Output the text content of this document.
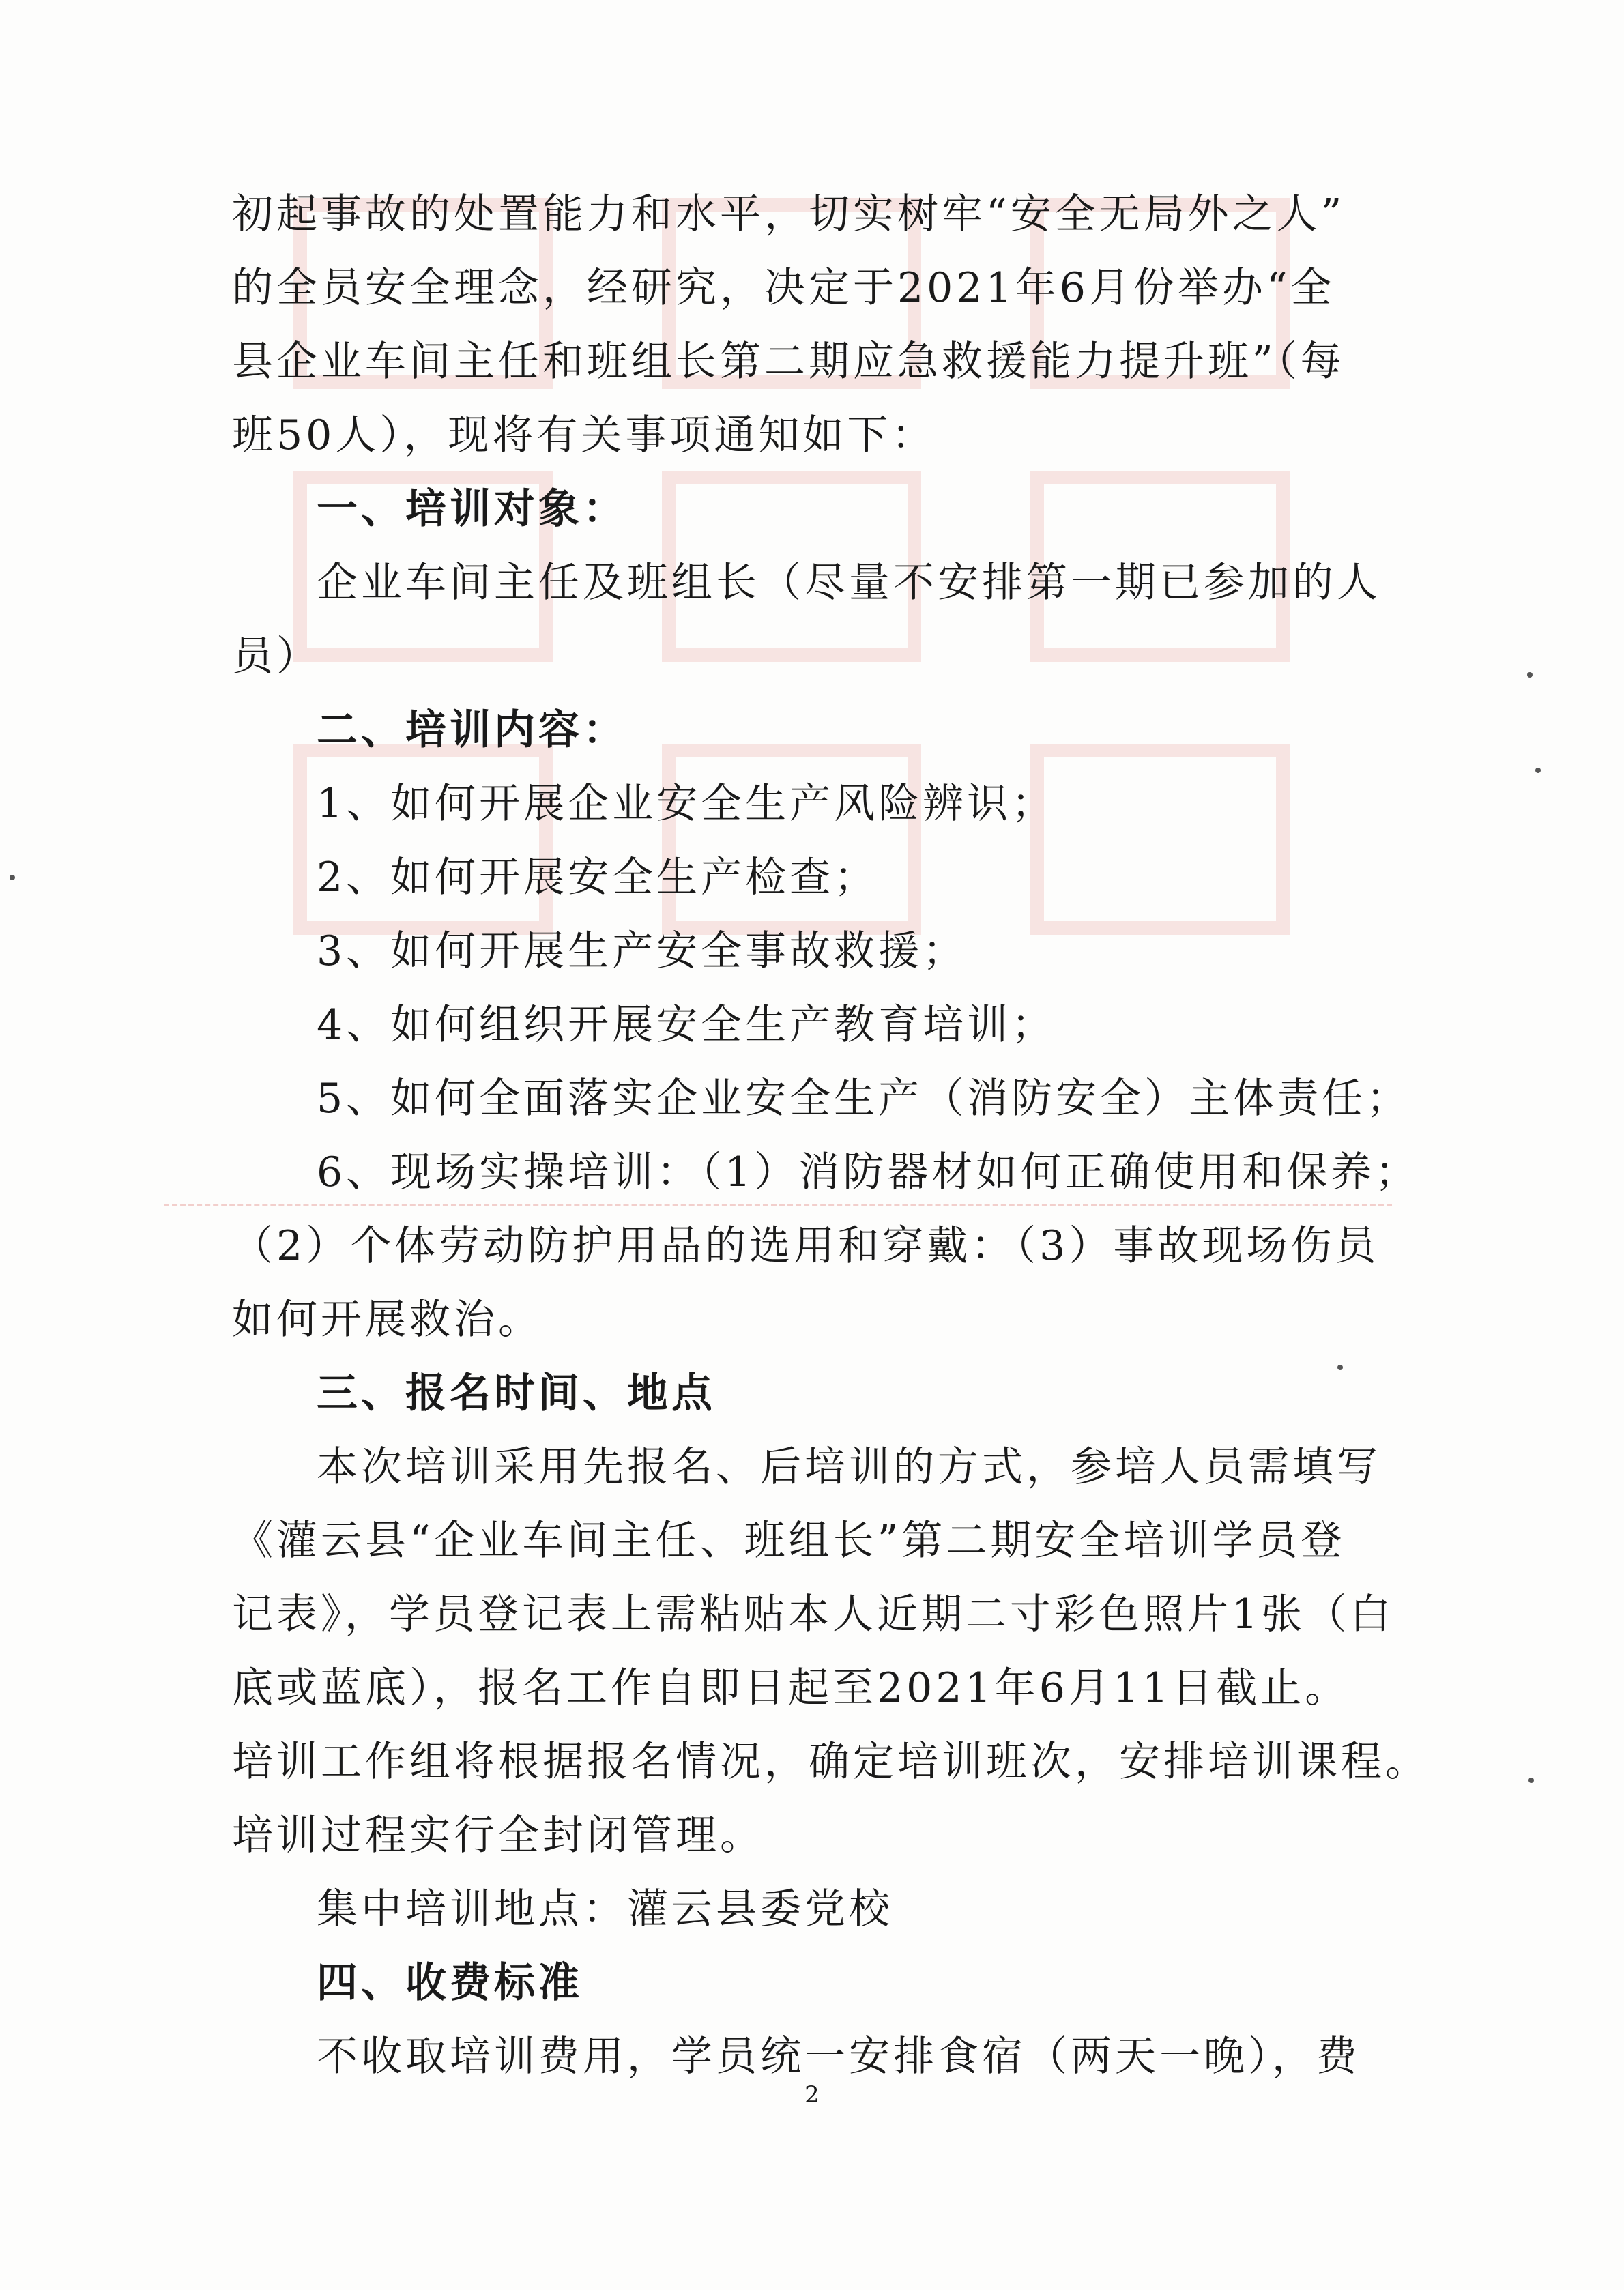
初起事故的处置能力和水平，切实树牢“安全无局外之人”
的全员安全理念，经研究，决定于2021年6月份举办“全
县企业车间主任和班组长第二期应急救援能力提升班”（每
班50人），现将有关事项通知如下：
一、培训对象：
企业车间主任及班组长（尽量不安排第一期已参加的人
员）
二、培训内容：
1、如何开展企业安全生产风险辨识；
2、如何开展安全生产检查；
3、如何开展生产安全事故救援；
4、如何组织开展安全生产教育培训；
5、如何全面落实企业安全生产（消防安全）主体责任；
6、现场实操培训：（1）消防器材如何正确使用和保养；
（2）个体劳动防护用品的选用和穿戴：（3）事故现场伤员
如何开展救治。
三、报名时间、地点
本次培训采用先报名、后培训的方式，参培人员需填写
《灌云县“企业车间主任、班组长”第二期安全培训学员登
记表》，学员登记表上需粘贴本人近期二寸彩色照片1张（白
底或蓝底），报名工作自即日起至2021年6月11日截止。
培训工作组将根据报名情况，确定培训班次，安排培训课程。
培训过程实行全封闭管理。
集中培训地点：灌云县委党校
四、收费标准
不收取培训费用，学员统一安排食宿（两天一晚），费
2
